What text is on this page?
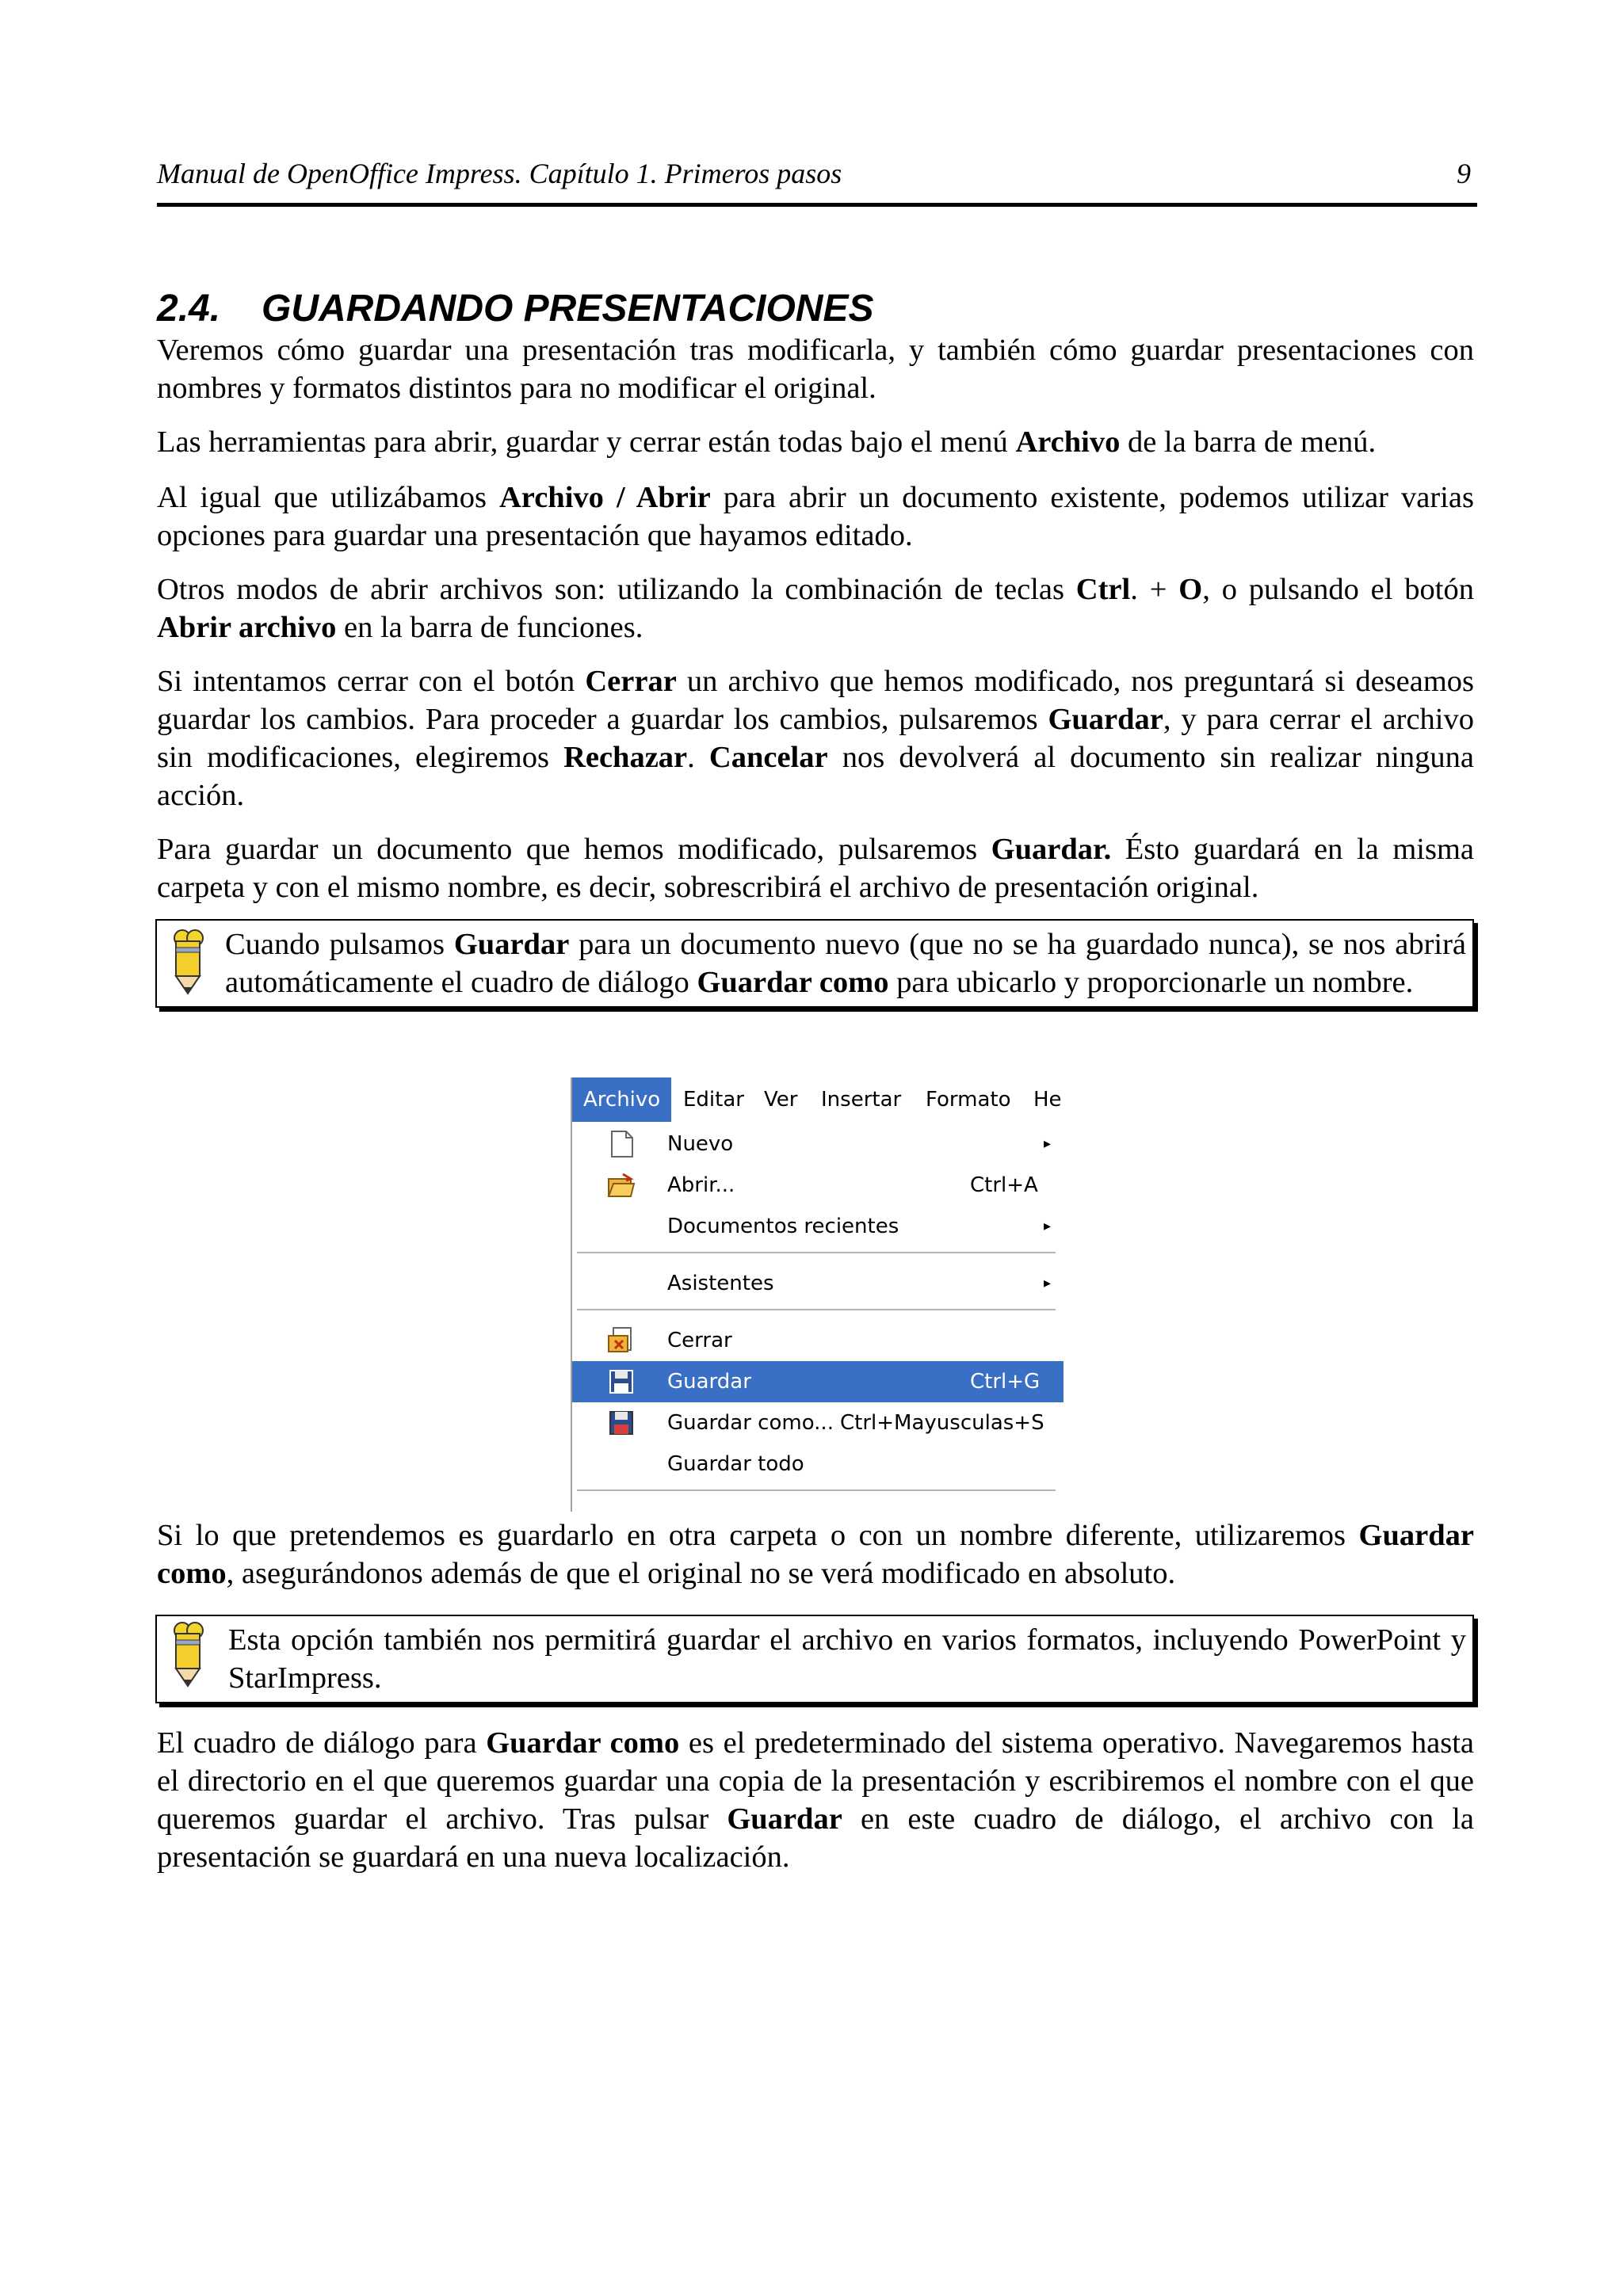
Manual de OpenOffice Impress. Capítulo 1. Primeros pasos	9
2.4. GUARDANDO PRESENTACIONES
Veremos cómo guardar una presentación tras modificarla, y también cómo guardar presentaciones con nombres y formatos distintos para no modificar el original.
Las herramientas para abrir, guardar y cerrar están todas bajo el menú Archivo de la barra de menú.
Al igual que utilizábamos Archivo / Abrir para abrir un documento existente, podemos utilizar varias opciones para guardar una presentación que hayamos editado.
Otros modos de abrir archivos son: utilizando la combinación de teclas Ctrl. + O, o pulsando el botón Abrir archivo en la barra de funciones.
Si intentamos cerrar con el botón Cerrar un archivo que hemos modificado, nos preguntará si deseamos guardar los cambios. Para proceder a guardar los cambios, pulsaremos Guardar, y para cerrar el archivo sin modificaciones, elegiremos Rechazar. Cancelar nos devolverá al documento sin realizar ninguna acción.
Para guardar un documento que hemos modificado, pulsaremos Guardar. Ésto guardará en la misma carpeta y con el mismo nombre, es decir, sobrescribirá el archivo de presentación original.
Cuando pulsamos Guardar para un documento nuevo (que no se ha guardado nunca), se nos abrirá automáticamente el cuadro de diálogo Guardar como para ubicarlo y proporcionarle un nombre.
Archivo	Editar Ver	Insertar	Formato	He
Nuevo	▸
Abrir...	Ctrl+A
Documentos recientes	▸
Asistentes	▸
Cerrar
Guardar	Ctrl+G
Guardar como... Ctrl+Mayusculas+S
Guardar todo
Si lo que pretendemos es guardarlo en otra carpeta o con un nombre diferente, utilizaremos Guardar como, asegurándonos además de que el original no se verá modificado en absoluto.
Esta opción también nos permitirá guardar el archivo en varios formatos, incluyendo PowerPoint y StarImpress.
El cuadro de diálogo para Guardar como es el predeterminado del sistema operativo. Navegaremos hasta el directorio en el que queremos guardar una copia de la presentación y escribiremos el nombre con el que queremos guardar el archivo. Tras pulsar Guardar en este cuadro de diálogo, el archivo con la presentación se guardará en una nueva localización.
